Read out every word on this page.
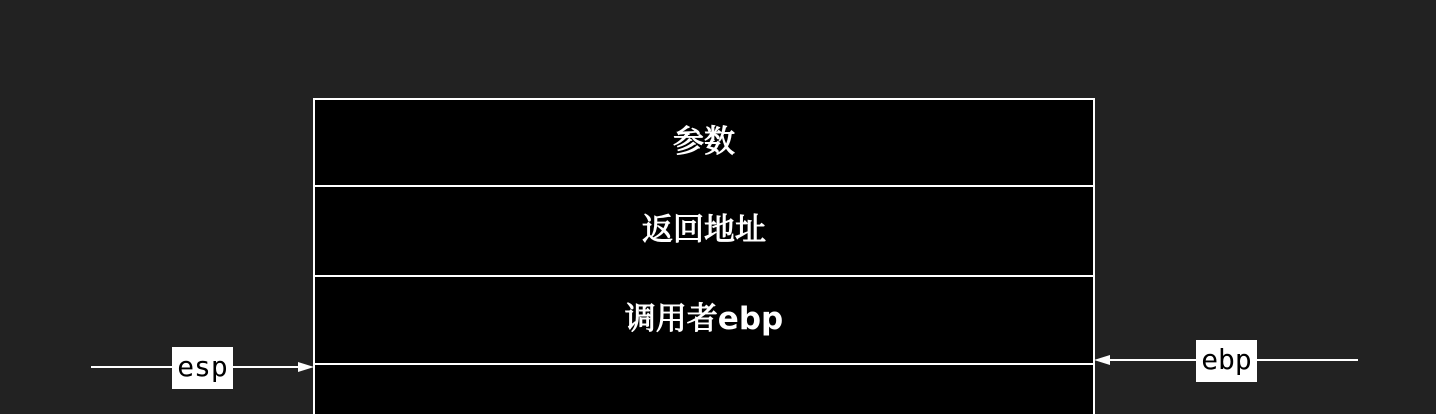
参数
返回地址
调用者ebp
esp	ebp
